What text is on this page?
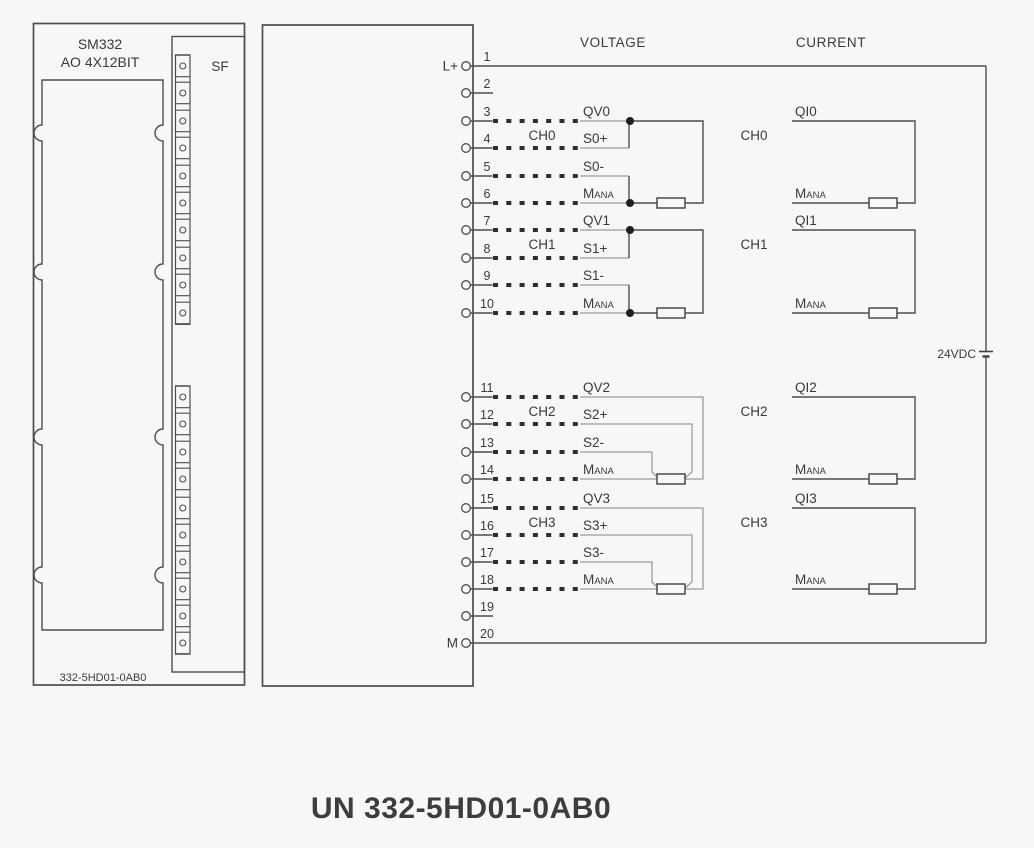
SM332
AO 4X12BIT	SF
332-5HD01-0AB0
L+
M
1
2
3
4
5
6
7
8
9
10
11
12
13
14
15
16
17
18
19
20
VOLTAGE
CH0
QV0
S0+
S0-
MANA
CH1
QV1
S1+
S1-
MANA
CH2
QV2
S2+
S2-
MANA
CH3
QV3
S3+
S3-
MANA
CURRENT
CH0
QI0
MANA
CH1
QI1
MANA
CH2
QI2
MANA
CH3
QI3
MANA
24VDC
UN 332-5HD01-0AB0
